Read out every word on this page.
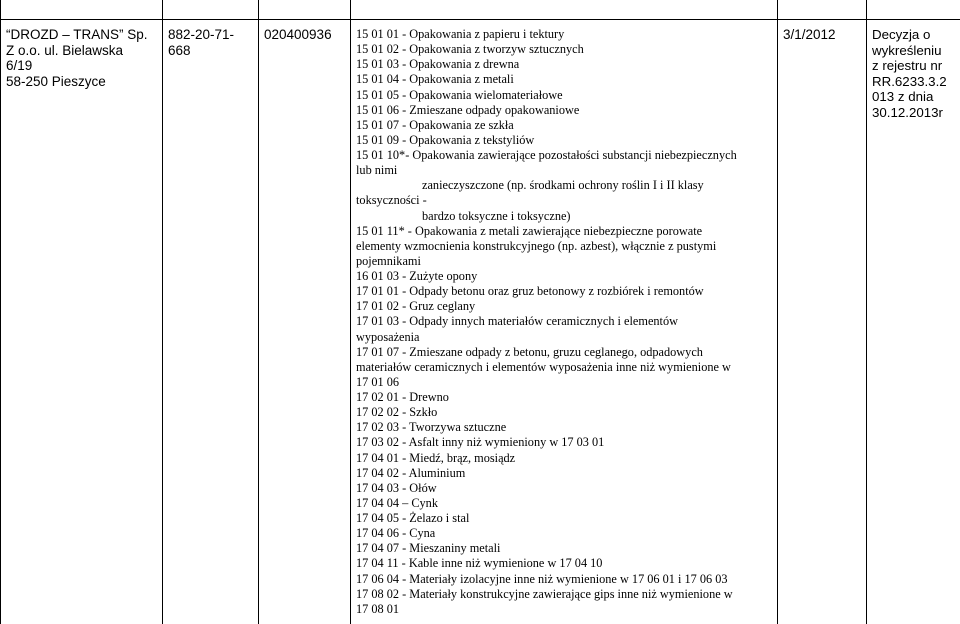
“DROZD – TRANS” Sp.
Z o.o. ul. Bielawska
6/19
58-250 Pieszyce
882-20-71-
668
020400936	15 01 01 - Opakowania z papieru i tektury
15 01 02 - Opakowania z tworzyw sztucznych
15 01 03 - Opakowania z drewna
15 01 04 - Opakowania z metali
15 01 05 - Opakowania wielomateriałowe
15 01 06 - Zmieszane odpady opakowaniowe
15 01 07 - Opakowania ze szkła
15 01 09 - Opakowania z tekstyliów
15 01 10*- Opakowania zawierające pozostałości substancji niebezpiecznych
lub nimi
zanieczyszczone (np. środkami ochrony roślin I i II klasy
toksyczności -
bardzo toksyczne i toksyczne)
15 01 11* - Opakowania z metali zawierające niebezpieczne porowate
elementy wzmocnienia konstrukcyjnego (np. azbest), włącznie z pustymi
pojemnikami
16 01 03 - Zużyte opony
17 01 01 - Odpady betonu oraz gruz betonowy z rozbiórek i remontów
17 01 02 - Gruz ceglany
17 01 03 - Odpady innych materiałów ceramicznych i elementów
wyposażenia
17 01 07 - Zmieszane odpady z betonu, gruzu ceglanego, odpadowych
materiałów ceramicznych i elementów wyposażenia inne niż wymienione w
17 01 06
17 02 01 - Drewno
17 02 02 - Szkło
17 02 03 - Tworzywa sztuczne
17 03 02 - Asfalt inny niż wymieniony w 17 03 01
17 04 01 - Miedź, brąz, mosiądz
17 04 02 - Aluminium
17 04 03 - Ołów
17 04 04 – Cynk
17 04 05 - Żelazo i stal
17 04 06 - Cyna
17 04 07 - Mieszaniny metali
17 04 11 - Kable inne niż wymienione w 17 04 10
17 06 04 - Materiały izolacyjne inne niż wymienione w 17 06 01 i 17 06 03
17 08 02 - Materiały konstrukcyjne zawierające gips inne niż wymienione w
17 08 01
3/1/2012	Decyzja o
wykreśleniu
z rejestru nr
RR.6233.3.2
013 z dnia
30.12.2013r
